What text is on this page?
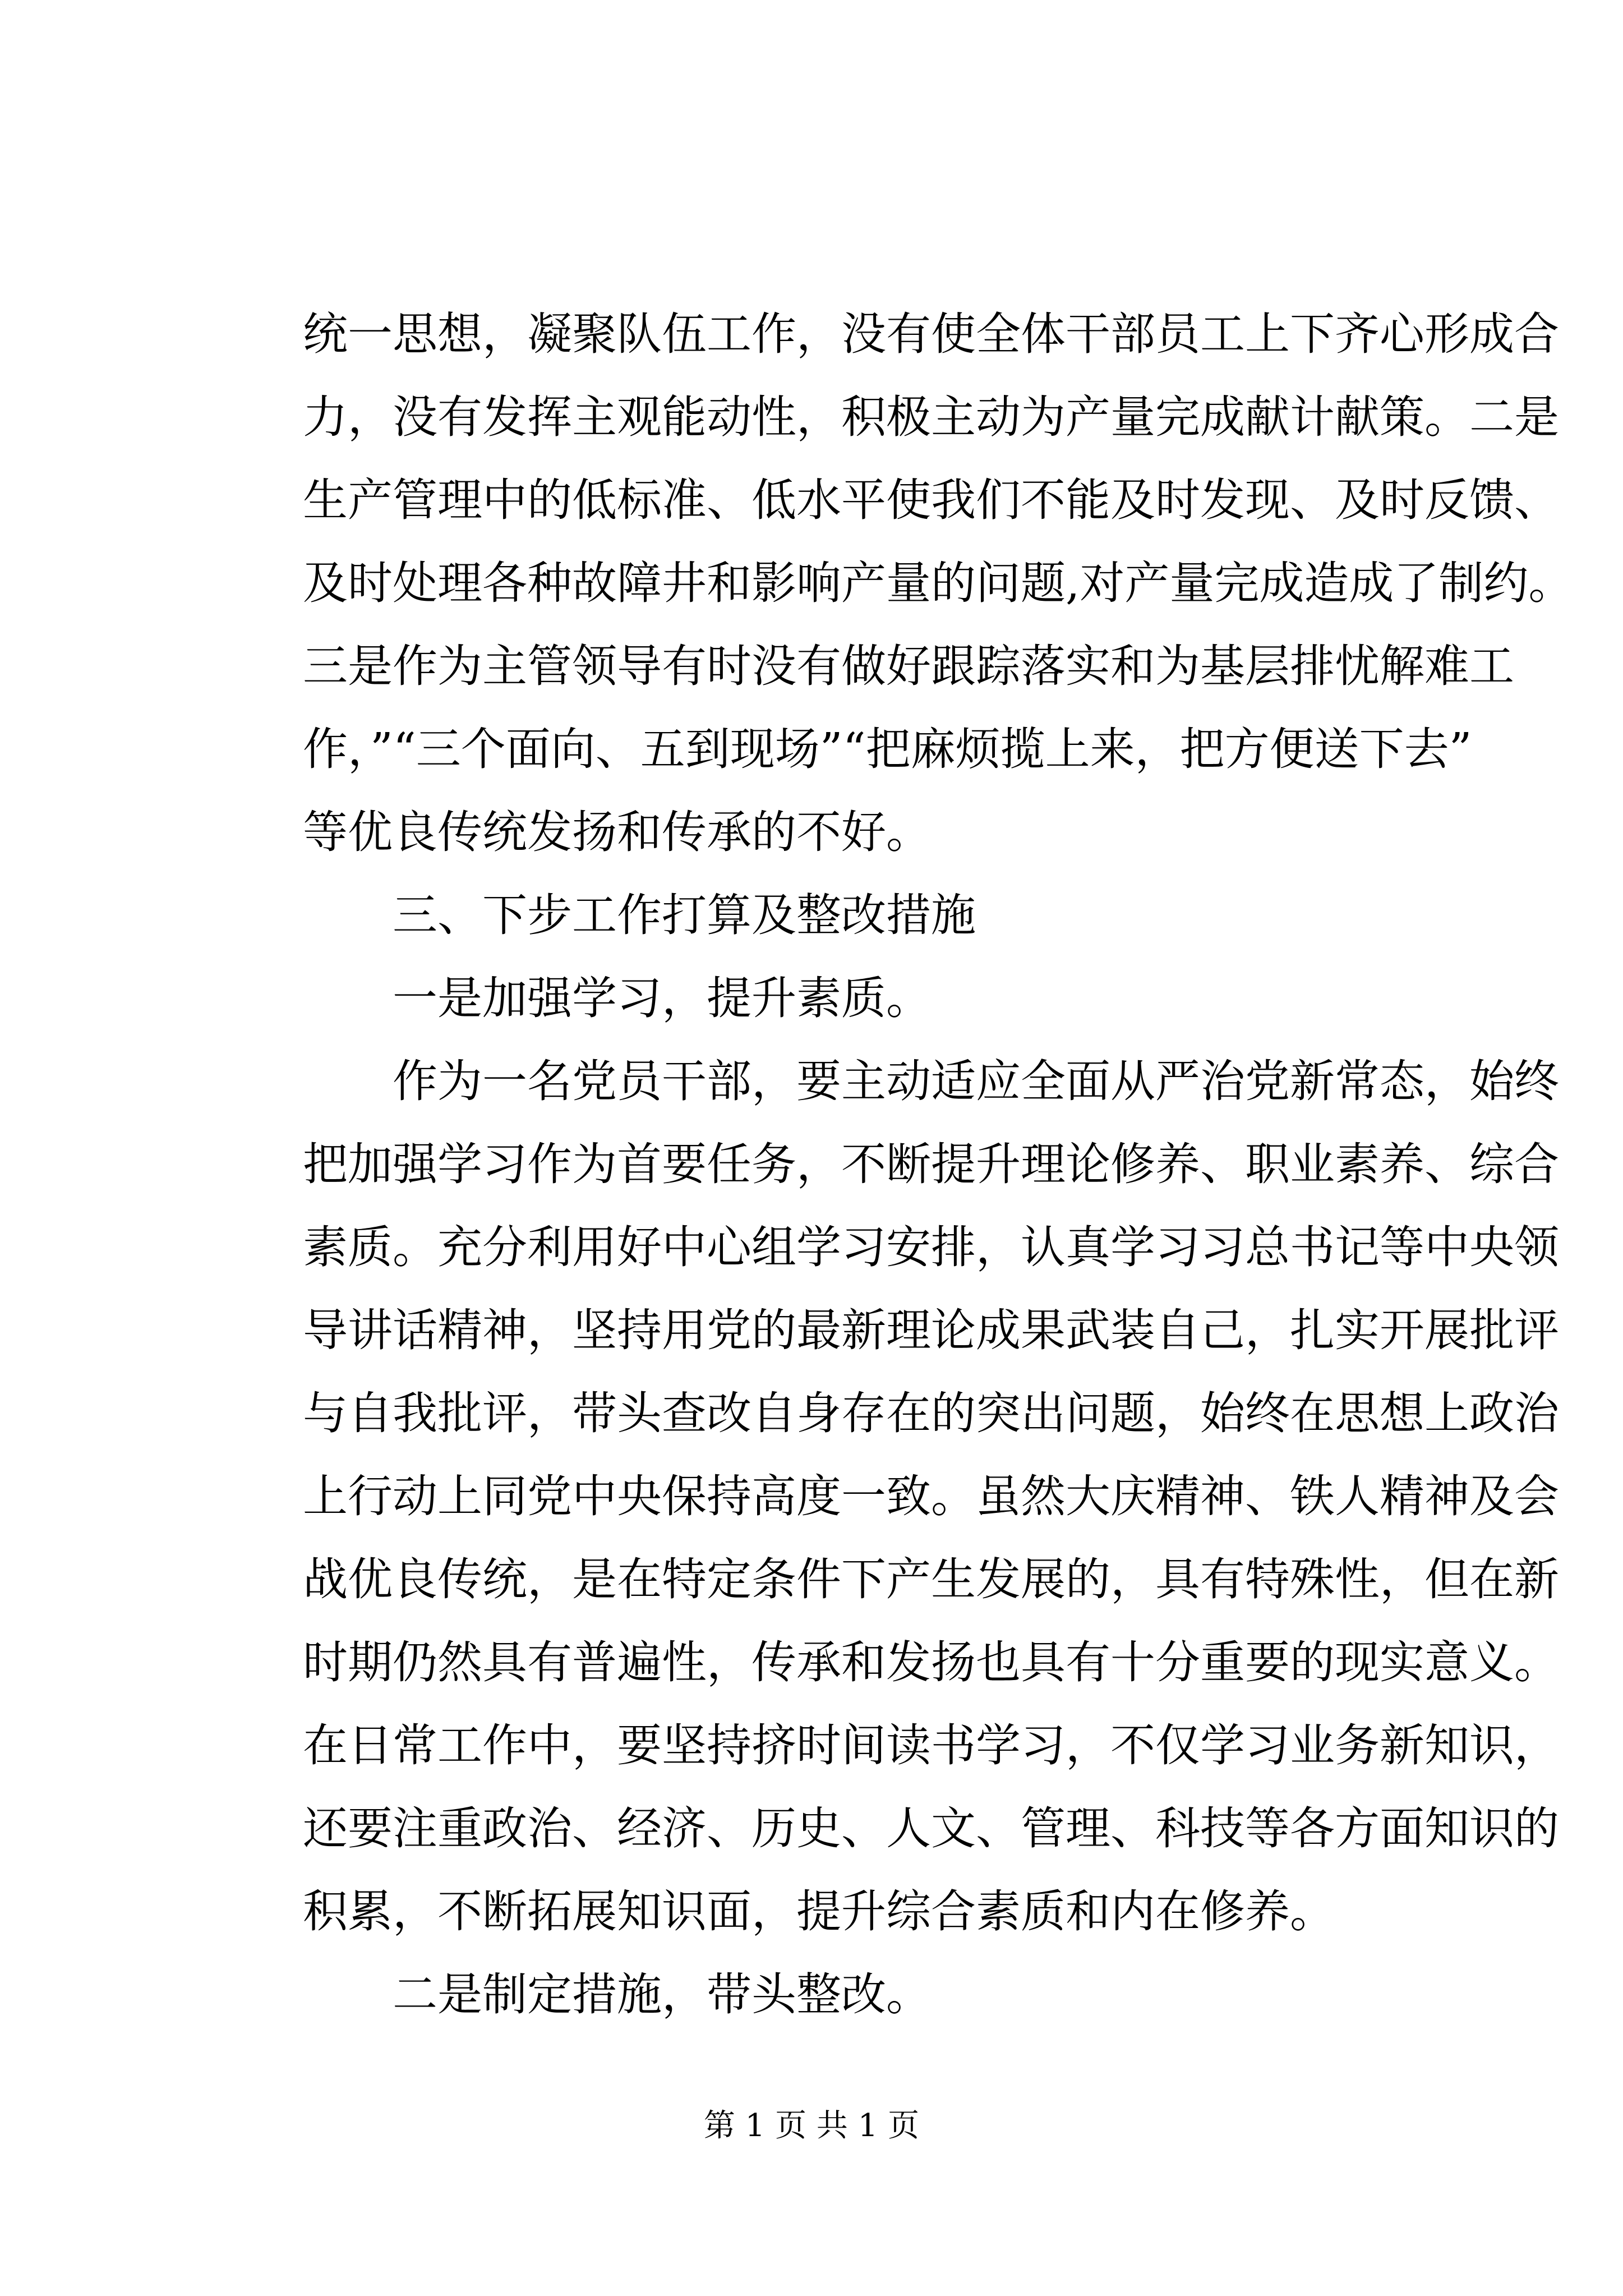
统一思想，凝聚队伍工作，没有使全体干部员工上下齐心形成合
力，没有发挥主观能动性，积极主动为产量完成献计献策。二是
生产管理中的低标准、低水平使我们不能及时发现、及时反馈、
及时处理各种故障井和影响产量的问题,对产量完成造成了制约。
三是作为主管领导有时没有做好跟踪落实和为基层排忧解难工
作，”“三个面向、五到现场”“把麻烦揽上来，把方便送下去”
等优良传统发扬和传承的不好。
三、下步工作打算及整改措施
一是加强学习，提升素质。
作为一名党员干部，要主动适应全面从严治党新常态，始终
把加强学习作为首要任务，不断提升理论修养、职业素养、综合
素质。充分利用好中心组学习安排，认真学习习总书记等中央领
导讲话精神，坚持用党的最新理论成果武装自己，扎实开展批评
与自我批评，带头查改自身存在的突出问题，始终在思想上政治
上行动上同党中央保持高度一致。虽然大庆精神、铁人精神及会
战优良传统，是在特定条件下产生发展的，具有特殊性，但在新
时期仍然具有普遍性，传承和发扬也具有十分重要的现实意义。
在日常工作中，要坚持挤时间读书学习，不仅学习业务新知识，
还要注重政治、经济、历史、人文、管理、科技等各方面知识的
积累，不断拓展知识面，提升综合素质和内在修养。
二是制定措施，带头整改。
第 1 页 共 1 页
